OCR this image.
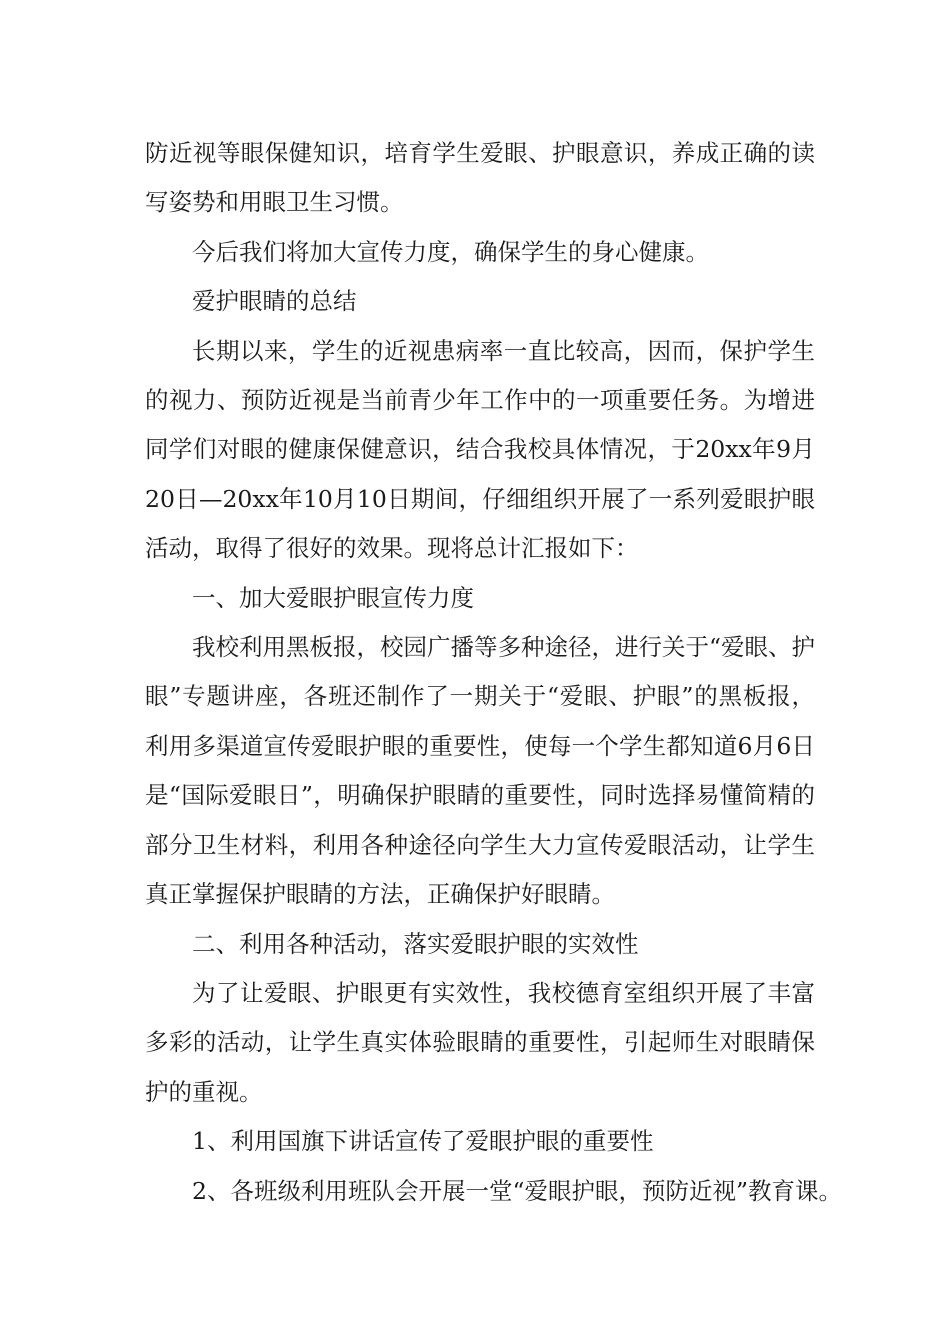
防近视等眼保健知识，培育学生爱眼、护眼意识，养成正确的读写姿势和用眼卫生习惯。

今后我们将加大宣传力度，确保学生的身心健康。

爱护眼睛的总结

长期以来，学生的近视患病率一直比较高，因而，保护学生的视力、预防近视是当前青少年工作中的一项重要任务。为增进同学们对眼的健康保健意识，结合我校具体情况，于20xx年9月20日—20xx年10月10日期间，仔细组织开展了一系列爱眼护眼活动，取得了很好的效果。现将总计汇报如下：

一、加大爱眼护眼宣传力度

我校利用黑板报，校园广播等多种途径，进行关于“爱眼、护眼”专题讲座，各班还制作了一期关于“爱眼、护眼”的黑板报，利用多渠道宣传爱眼护眼的重要性，使每一个学生都知道6月6日是“国际爱眼日”，明确保护眼睛的重要性，同时选择易懂简精的部分卫生材料，利用各种途径向学生大力宣传爱眼活动，让学生真正掌握保护眼睛的方法，正确保护好眼睛。

二、利用各种活动，落实爱眼护眼的实效性

为了让爱眼、护眼更有实效性，我校德育室组织开展了丰富多彩的活动，让学生真实体验眼睛的重要性，引起师生对眼睛保护的重视。

1、利用国旗下讲话宣传了爱眼护眼的重要性

2、各班级利用班队会开展一堂“爱眼护眼，预防近视”教育课。
